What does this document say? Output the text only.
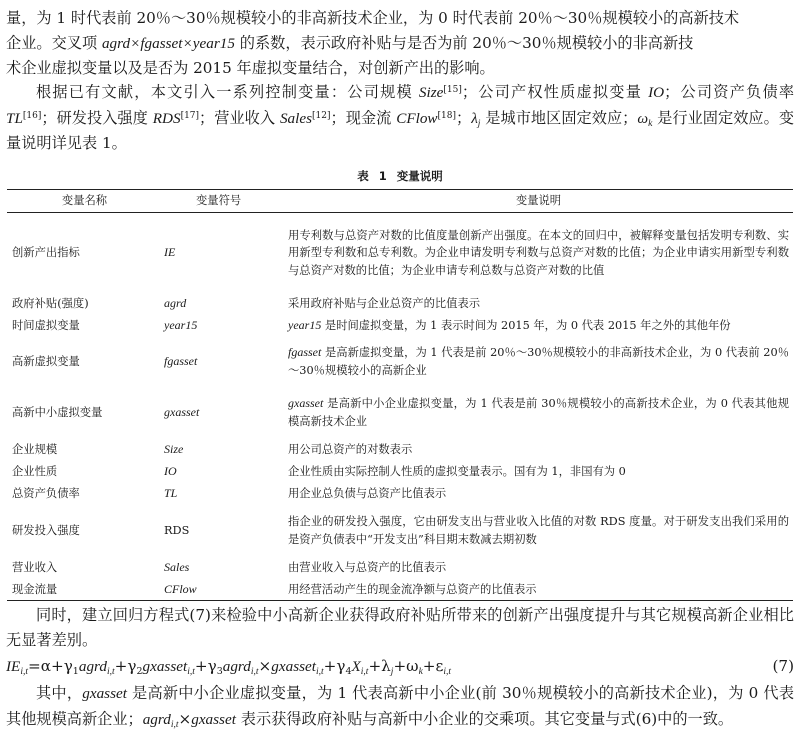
量，为 1 时代表前 20％～30％规模较小的非高新技术企业，为 0 时代表前 20％～30％规模较小的高新技术
企业。交叉项 agrd×fgasset×year15 的系数，表示政府补贴与是否为前 20％～30％规模较小的非高新技
术企业虚拟变量以及是否为 2015 年虚拟变量结合，对创新产出的影响。
根据已有文献，本文引入一系列控制变量：公司规模 Size[15]；公司产权性质虚拟变量 IO；公司资产负债率 TL[16]；研发投入强度 RDS[17]；营业收入 Sales[12]；现金流 CFlow[18]；$\lambda_j$ 是城市地区固定效应；$\omega_k$ 是行业固定效应。变量说明详见表 1。
表 1 变量说明
变量名称	变量符号	变量说明
创新产出指标	IE	用专利数与总资产对数的比值度量创新产出强度。在本文的回归中，被解释变量包括发明专利数、实用新型专利数和总专利数。为企业申请发明专利数与总资产对数的比值；为企业申请实用新型专利数与总资产对数的比值；为企业申请专利总数与总资产对数的比值
政府补贴(强度)	agrd	采用政府补贴与企业总资产的比值表示
时间虚拟变量	year15	year15 是时间虚拟变量，为 1 表示时间为 2015 年，为 0 代表 2015 年之外的其他年份
高新虚拟变量	fgasset	fgasset 是高新虚拟变量，为 1 代表是前 20％～30％规模较小的非高新技术企业，为 0 代表前 20％～30％规模较小的高新企业
高新中小虚拟变量	gxasset	gxasset 是高新中小企业虚拟变量，为 1 代表是前 30％规模较小的高新技术企业，为 0 代表其他规模高新技术企业
企业规模	Size	用公司总资产的对数表示
企业性质	IO	企业性质由实际控制人性质的虚拟变量表示。国有为 1，非国有为 0
总资产负债率	TL	用企业总负债与总资产比值表示
研发投入强度	RDS	指企业的研发投入强度，它由研发支出与营业收入比值的对数 RDS 度量。对于研发支出我们采用的是资产负债表中“开发支出”科目期末数减去期初数
营业收入	Sales	由营业收入与总资产的比值表示
现金流量	CFlow	用经营活动产生的现金流净额与总资产的比值表示
同时，建立回归方程式(7)来检验中小高新企业获得政府补贴所带来的创新产出强度提升与其它规模高新企业相比无显著差别。
$IE_{i,t}=\alpha+\gamma_1agrd_{i,t}+\gamma_2gxasset_{i,t}+\gamma_3agrd_{i,t}\times gxasset_{i,t}+\gamma_4X_{i,t}+\lambda_j+\omega_k+\varepsilon_{i,t}$	(7)
其中，gxasset 是高新中小企业虚拟变量，为 1 代表高新中小企业(前 30％规模较小的高新技术企业)，为 0 代表其他规模高新企业；agrd$_{i,t}$×gxasset 表示获得政府补贴与高新中小企业的交乘项。其它变量与式(6)中的一致。
